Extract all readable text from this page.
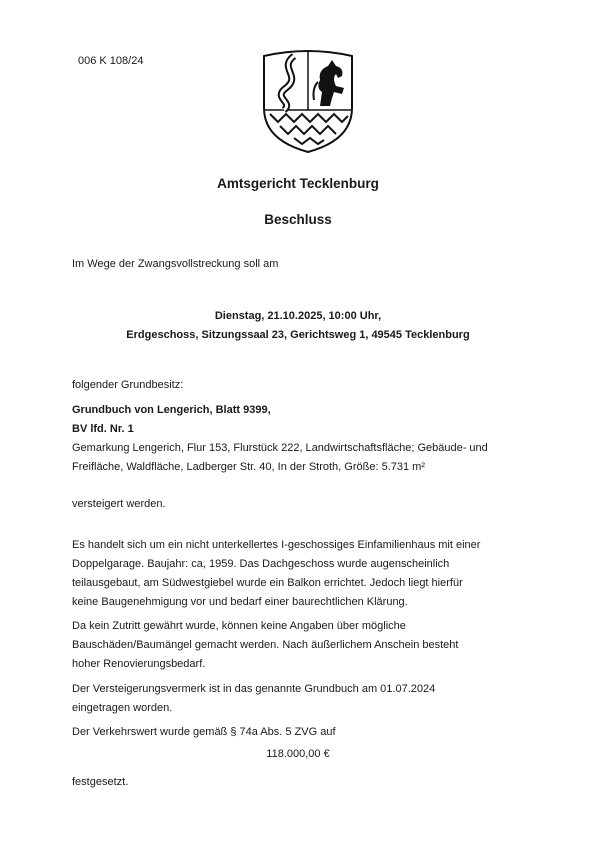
006 K 108/24
Amtsgericht Tecklenburg
Beschluss
Im Wege der Zwangsvollstreckung soll am
Dienstag, 21.10.2025, 10:00 Uhr,
Erdgeschoss, Sitzungssaal 23, Gerichtsweg 1, 49545 Tecklenburg
folgender Grundbesitz:
Grundbuch von Lengerich, Blatt 9399,
BV lfd. Nr. 1
Gemarkung Lengerich, Flur 153, Flurstück 222, Landwirtschaftsfläche; Gebäude- und
Freifläche, Waldfläche, Ladberger Str. 40, In der Stroth, Größe: 5.731 m²
versteigert werden.
Es handelt sich um ein nicht unterkellertes I-geschossiges Einfamilienhaus mit einer
Doppelgarage. Baujahr: ca, 1959. Das Dachgeschoss wurde augenscheinlich
teilausgebaut, am Südwestgiebel wurde ein Balkon errichtet. Jedoch liegt hierfür
keine Baugenehmigung vor und bedarf einer baurechtlichen Klärung.
Da kein Zutritt gewährt wurde, können keine Angaben über mögliche
Bauschäden/Baumängel gemacht werden. Nach äußerlichem Anschein besteht
hoher Renovierungsbedarf.
Der Versteigerungsvermerk ist in das genannte Grundbuch am 01.07.2024
eingetragen worden.
Der Verkehrswert wurde gemäß § 74a Abs. 5 ZVG auf
118.000,00 €
festgesetzt.
